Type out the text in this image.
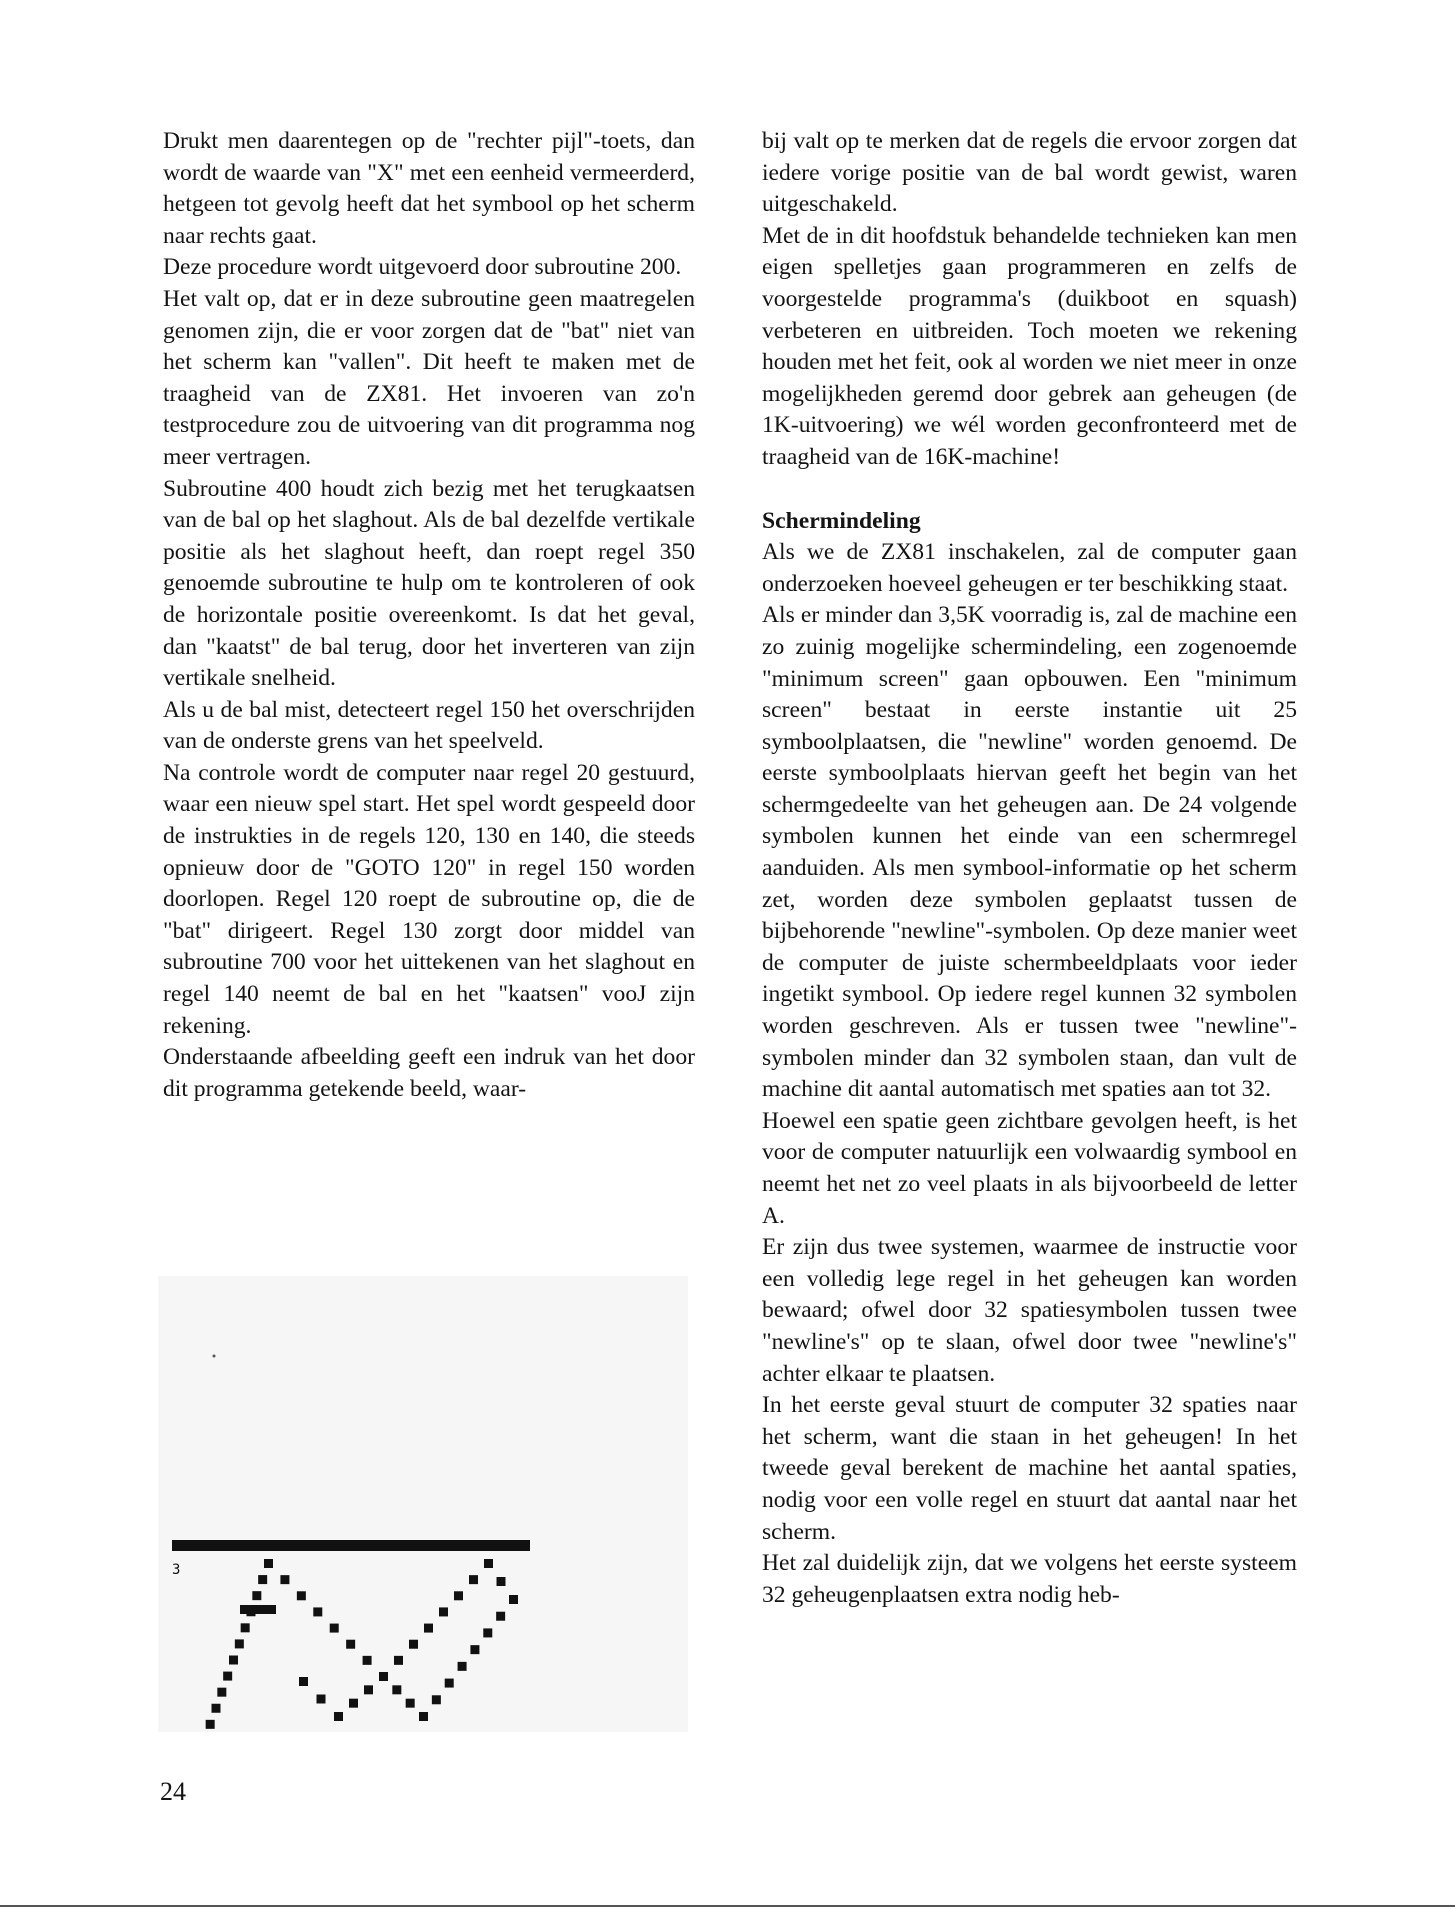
Drukt men daarentegen op de "rechter pijl"-toets, dan wordt de waarde van "X" met een eenheid vermeerderd, hetgeen tot gevolg heeft dat het symbool op het scherm naar rechts gaat.

Deze procedure wordt uitgevoerd door subroutine 200.

Het valt op, dat er in deze subroutine geen maatregelen genomen zijn, die er voor zorgen dat de "bat" niet van het scherm kan "vallen". Dit heeft te maken met de traagheid van de ZX81. Het invoeren van zo'n testprocedure zou de uitvoering van dit programma nog meer vertragen.

Subroutine 400 houdt zich bezig met het terugkaatsen van de bal op het slaghout. Als de bal dezelfde vertikale positie als het slaghout heeft, dan roept regel 350 genoemde subroutine te hulp om te kontroleren of ook de horizontale positie overeenkomt. Is dat het geval, dan "kaatst" de bal terug, door het inverteren van zijn vertikale snelheid.

Als u de bal mist, detecteert regel 150 het overschrijden van de onderste grens van het speelveld.

Na controle wordt de computer naar regel 20 gestuurd, waar een nieuw spel start. Het spel wordt gespeeld door de instrukties in de regels 120, 130 en 140, die steeds opnieuw door de "GOTO 120" in regel 150 worden doorlopen. Regel 120 roept de subroutine op, die de "bat" dirigeert. Regel 130 zorgt door middel van subroutine 700 voor het uittekenen van het slaghout en regel 140 neemt de bal en het "kaatsen" vooJ zijn rekening.

Onderstaande afbeelding geeft een indruk van het door dit programma getekende beeld, waar-

3

bij valt op te merken dat de regels die ervoor zorgen dat iedere vorige positie van de bal wordt gewist, waren uitgeschakeld.

Met de in dit hoofdstuk behandelde technieken kan men eigen spelletjes gaan programmeren en zelfs de voorgestelde programma's (duikboot en squash) verbeteren en uitbreiden. Toch moeten we rekening houden met het feit, ook al worden we niet meer in onze mogelijkheden geremd door gebrek aan geheugen (de 1K-uitvoering) we wél worden geconfronteerd met de traagheid van de 16K-machine!

Schermindeling

Als we de ZX81 inschakelen, zal de computer gaan onderzoeken hoeveel geheugen er ter beschikking staat.

Als er minder dan 3,5K voorradig is, zal de machine een zo zuinig mogelijke schermindeling, een zogenoemde "minimum screen" gaan opbouwen. Een "minimum screen" bestaat in eerste instantie uit 25 symboolplaatsen, die "newline" worden genoemd. De eerste symboolplaats hiervan geeft het begin van het schermgedeelte van het geheugen aan. De 24 volgende symbolen kunnen het einde van een schermregel aanduiden. Als men symbool-informatie op het scherm zet, worden deze symbolen geplaatst tussen de bijbehorende "newline"-symbolen. Op deze manier weet de computer de juiste schermbeeldplaats voor ieder ingetikt symbool. Op iedere regel kunnen 32 symbolen worden geschreven. Als er tussen twee "newline"-symbolen minder dan 32 symbolen staan, dan vult de machine dit aantal automatisch met spaties aan tot 32.

Hoewel een spatie geen zichtbare gevolgen heeft, is het voor de computer natuurlijk een volwaardig symbool en neemt het net zo veel plaats in als bijvoorbeeld de letter A.

Er zijn dus twee systemen, waarmee de instructie voor een volledig lege regel in het geheugen kan worden bewaard; ofwel door 32 spatiesymbolen tussen twee "newline's" op te slaan, ofwel door twee "newline's" achter elkaar te plaatsen.

In het eerste geval stuurt de computer 32 spaties naar het scherm, want die staan in het geheugen! In het tweede geval berekent de machine het aantal spaties, nodig voor een volle regel en stuurt dat aantal naar het scherm.

Het zal duidelijk zijn, dat we volgens het eerste systeem 32 geheugenplaatsen extra nodig heb-

24
